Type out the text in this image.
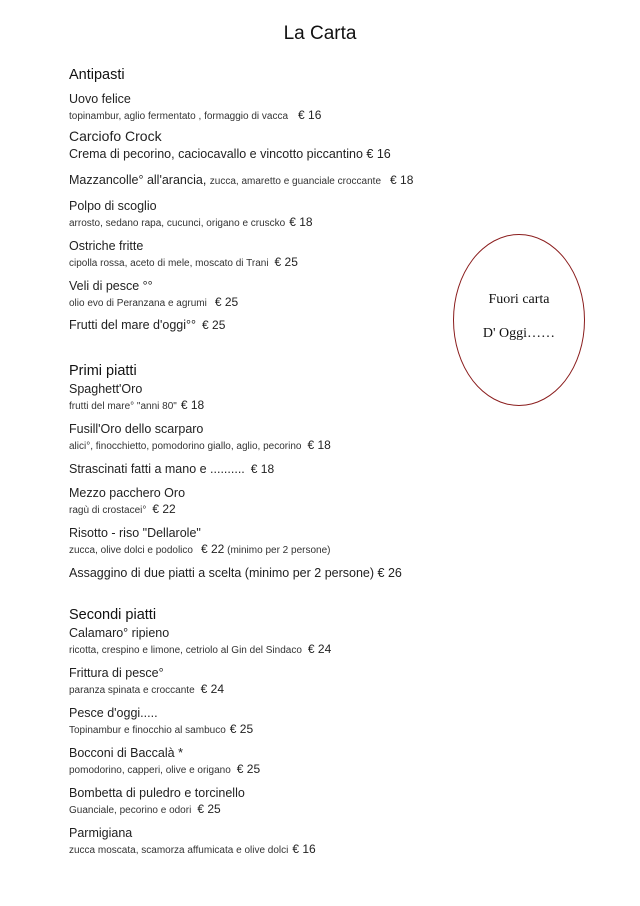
La Carta
Antipasti
Uovo felice
topinambur, aglio fermentato , formaggio di vacca € 16
Carciofo Crock
Crema di pecorino, caciocavallo e vincotto piccantino € 16
Mazzancolle° all'arancia, zucca, amaretto e guanciale croccante € 18
Polpo di scoglio
arrosto, sedano rapa, cucunci, origano e cruscko € 18
Ostriche fritte
cipolla rossa, aceto di mele, moscato di Trani € 25
Veli di pesce °°
olio evo di Peranzana e agrumi € 25
Frutti del mare d'oggi°° € 25
Primi piatti
Spaghett'Oro
frutti del mare° "anni 80" € 18
Fusill'Oro dello scarparo
alici°, finocchietto, pomodorino giallo, aglio, pecorino € 18
Strascinati fatti a mano e .......... € 18
Mezzo pacchero Oro
ragù di crostacei° € 22
Risotto - riso "Dellarole"
zucca, olive dolci e podolico € 22 (minimo per 2 persone)
Assaggino di due piatti a scelta (minimo per 2 persone) € 26
Secondi piatti
Calamaro° ripieno
ricotta, crespino e limone, cetriolo al Gin del Sindaco € 24
Frittura di pesce°
paranza spinata e croccante € 24
Pesce d'oggi.....
Topinambur e finocchio al sambuco € 25
Bocconi di Baccalà *
pomodorino, capperi, olive e origano € 25
Bombetta di puledro e torcinello
Guanciale, pecorino e odori € 25
Parmigiana
zucca moscata, scamorza affumicata e olive dolci € 16
Fuori carta
D' Oggi……
